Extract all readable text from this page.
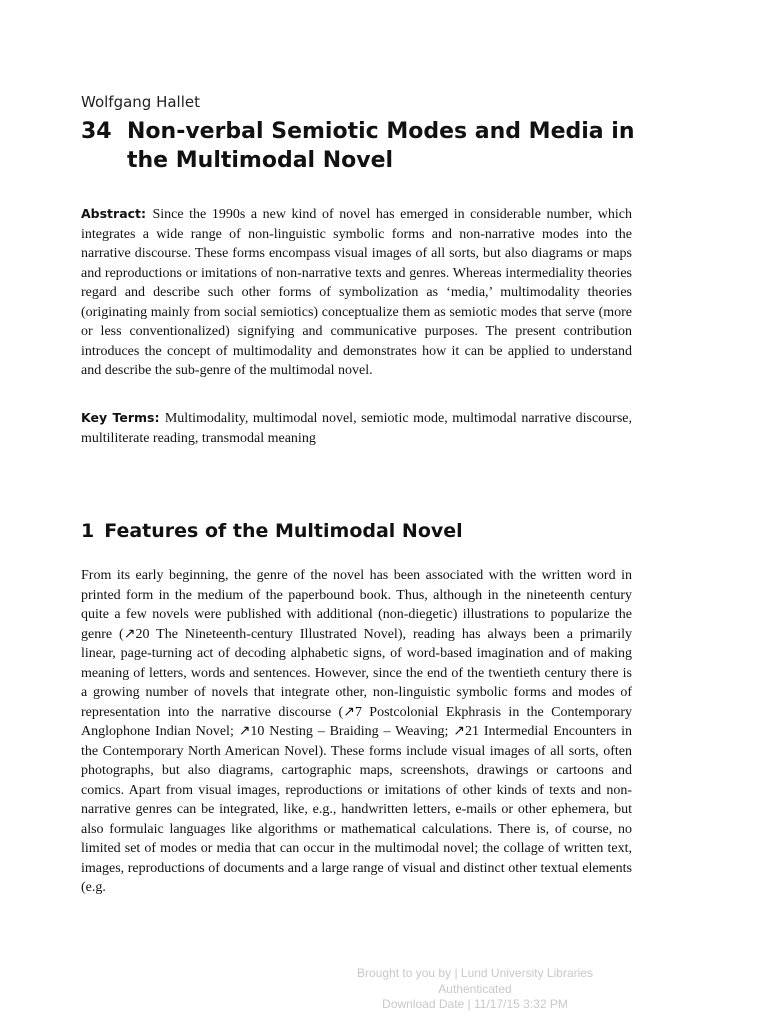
Wolfgang Hallet
34 Non-verbal Semiotic Modes and Media in the Multimodal Novel
Abstract: Since the 1990s a new kind of novel has emerged in considerable number, which integrates a wide range of non-linguistic symbolic forms and non-narrative modes into the narrative discourse. These forms encompass visual images of all sorts, but also diagrams or maps and reproductions or imitations of non-narrative texts and genres. Whereas intermediality theories regard and describe such other forms of symbolization as ‘media,’ multimodality theories (originating mainly from social semiotics) conceptualize them as semiotic modes that serve (more or less conventionalized) signifying and communicative purposes. The present contribution introduces the concept of multimodality and demonstrates how it can be applied to understand and describe the sub-genre of the multimodal novel.
Key Terms: Multimodality, multimodal novel, semiotic mode, multimodal narrative discourse, multiliterate reading, transmodal meaning
1 Features of the Multimodal Novel
From its early beginning, the genre of the novel has been associated with the written word in printed form in the medium of the paperbound book. Thus, although in the nineteenth century quite a few novels were published with additional (non-diegetic) illustrations to popularize the genre (↗20 The Nineteenth-century Illustrated Novel), reading has always been a primarily linear, page-turning act of decoding alphabetic signs, of word-based imagination and of making meaning of letters, words and sentences. However, since the end of the twentieth century there is a growing number of novels that integrate other, non-linguistic symbolic forms and modes of representation into the narrative discourse (↗7 Postcolonial Ekphrasis in the Contemporary Anglophone Indian Novel; ↗10 Nesting – Braiding – Weaving; ↗21 Intermedial Encounters in the Contemporary North American Novel). These forms include visual images of all sorts, often photographs, but also diagrams, cartographic maps, screenshots, drawings or cartoons and comics. Apart from visual images, reproductions or imitations of other kinds of texts and non-narrative genres can be integrated, like, e.g., handwritten letters, e-mails or other ephemera, but also formulaic languages like algorithms or mathematical calculations. There is, of course, no limited set of modes or media that can occur in the multimodal novel; the collage of written text, images, reproductions of documents and a large range of visual and distinct other textual elements (e.g.
Brought to you by | Lund University Libraries
Authenticated
Download Date | 11/17/15 3:32 PM
